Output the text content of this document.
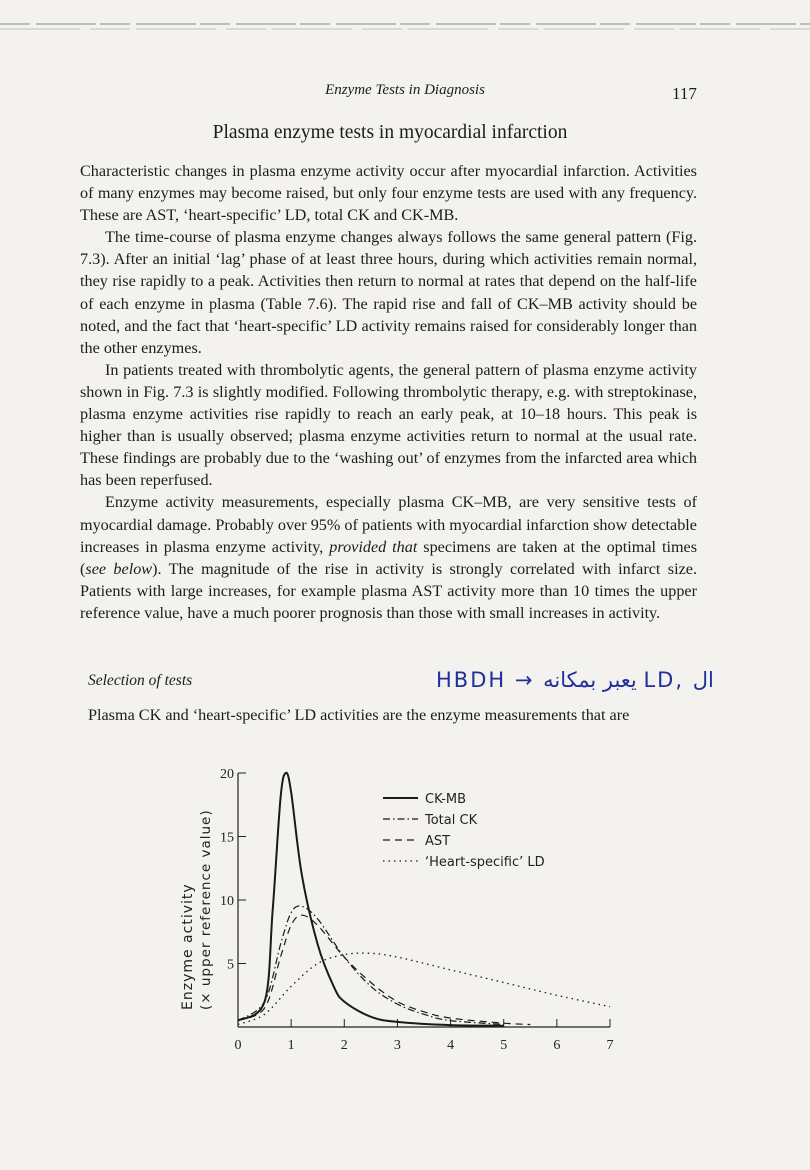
Enzyme Tests in Diagnosis	117
Plasma enzyme tests in myocardial infarction

Characteristic changes in plasma enzyme activity occur after myocardial infarction. Activities of many enzymes may become raised, but only four enzyme tests are used with any frequency. These are AST, ‘heart-specific’ LD, total CK and CK-MB.

The time-course of plasma enzyme changes always follows the same general pattern (Fig. 7.3). After an initial ‘lag’ phase of at least three hours, during which activities remain normal, they rise rapidly to a peak. Activities then return to normal at rates that depend on the half-life of each enzyme in plasma (Table 7.6). The rapid rise and fall of CK–MB activity should be noted, and the fact that ‘heart-specific’ LD activity remains raised for considerably longer than the other enzymes.

In patients treated with thrombolytic agents, the general pattern of plasma enzyme activity shown in Fig. 7.3 is slightly modified. Following thrombolytic therapy, e.g. with streptokinase, plasma enzyme activities rise rapidly to reach an early peak, at 10–18 hours. This peak is higher than is usually observed; plasma enzyme activities return to normal at the usual rate. These findings are probably due to the ‘washing out’ of enzymes from the infarcted area which has been reperfused.

Enzyme activity measurements, especially plasma CK–MB, are very sensitive tests of myocardial damage. Probably over 95% of patients with myocardial infarction show detectable increases in plasma enzyme activity, provided that specimens are taken at the optimal times (see below). The magnitude of the rise in activity is strongly correlated with infarct size. Patients with large increases, for example plasma AST activity more than 10 times the upper reference value, have a much poorer prognosis than those with small increases in activity.

Selection of tests	HBDH → يعبر بمكانه LD, ال
Plasma CK and ‘heart-specific’ LD activities are the enzyme measurements that are
20
15
10
5
0	1	2	3	4	5	6	7
CK-MB
Total CK
AST
‘Heart-specific’ LD
Enzyme activity (× upper reference value)
